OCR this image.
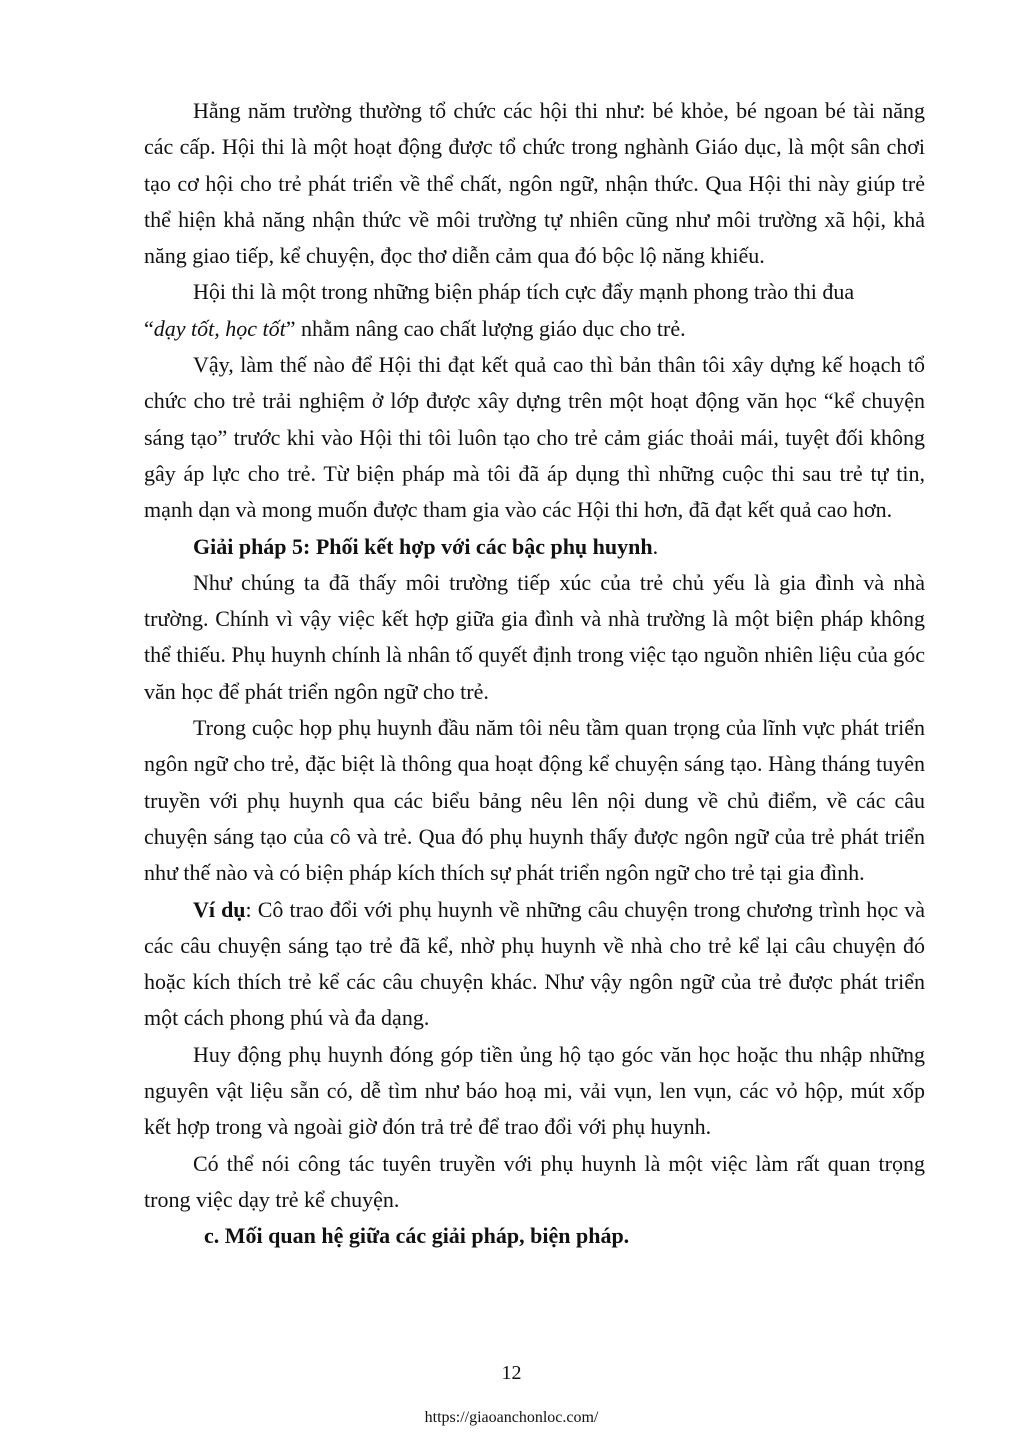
Hằng năm trường thường tổ chức các hội thi như: bé khỏe, bé ngoan bé tài năng các cấp. Hội thi là một hoạt động được tổ chức trong nghành Giáo dục, là một sân chơi tạo cơ hội cho trẻ phát triển về thể chất, ngôn ngữ, nhận thức. Qua Hội thi này giúp trẻ thể hiện khả năng nhận thức về môi trường tự nhiên cũng như môi trường xã hội, khả năng giao tiếp, kể chuyện, đọc thơ diễn cảm qua đó bộc lộ năng khiếu.

Hội thi là một trong những biện pháp tích cực đẩy mạnh phong trào thi đua
“dạy tốt, học tốt” nhằm nâng cao chất lượng giáo dục cho trẻ.

Vậy, làm thế nào để Hội thi đạt kết quả cao thì bản thân tôi xây dựng kế hoạch tổ chức cho trẻ trải nghiệm ở lớp được xây dựng trên một hoạt động văn học “kể chuyện sáng tạo” trước khi vào Hội thi tôi luôn tạo cho trẻ cảm giác thoải mái, tuyệt đối không gây áp lực cho trẻ. Từ biện pháp mà tôi đã áp dụng thì những cuộc thi sau trẻ tự tin, mạnh dạn và mong muốn được tham gia vào các Hội thi hơn, đã đạt kết quả cao hơn.

Giải pháp 5: Phối kết hợp với các bậc phụ huynh.

Như chúng ta đã thấy môi trường tiếp xúc của trẻ chủ yếu là gia đình và nhà trường. Chính vì vậy việc kết hợp giữa gia đình và nhà trường là một biện pháp không thể thiếu. Phụ huynh chính là nhân tố quyết định trong việc tạo nguồn nhiên liệu của góc văn học để phát triển ngôn ngữ cho trẻ.

Trong cuộc họp phụ huynh đầu năm tôi nêu tầm quan trọng của lĩnh vực phát triển ngôn ngữ cho trẻ, đặc biệt là thông qua hoạt động kể chuyện sáng tạo. Hàng tháng tuyên truyền với phụ huynh qua các biểu bảng nêu lên nội dung về chủ điểm, về các câu chuyện sáng tạo của cô và trẻ. Qua đó phụ huynh thấy được ngôn ngữ của trẻ phát triển như thế nào và có biện pháp kích thích sự phát triển ngôn ngữ cho trẻ tại gia đình.

Ví dụ: Cô trao đổi với phụ huynh về những câu chuyện trong chương trình học và các câu chuyện sáng tạo trẻ đã kể, nhờ phụ huynh về nhà cho trẻ kể lại câu chuyện đó hoặc kích thích trẻ kể các câu chuyện khác. Như vậy ngôn ngữ của trẻ được phát triển một cách phong phú và đa dạng.

Huy động phụ huynh đóng góp tiền ủng hộ tạo góc văn học hoặc thu nhập những nguyên vật liệu sẵn có, dễ tìm như báo hoạ mi, vải vụn, len vụn, các vỏ hộp, mút xốp kết hợp trong và ngoài giờ đón trả trẻ để trao đổi với phụ huynh.

Có thể nói công tác tuyên truyền với phụ huynh là một việc làm rất quan trọng trong việc dạy trẻ kể chuyện.

c. Mối quan hệ giữa các giải pháp, biện pháp.

12
https://giaoanchonloc.com/
